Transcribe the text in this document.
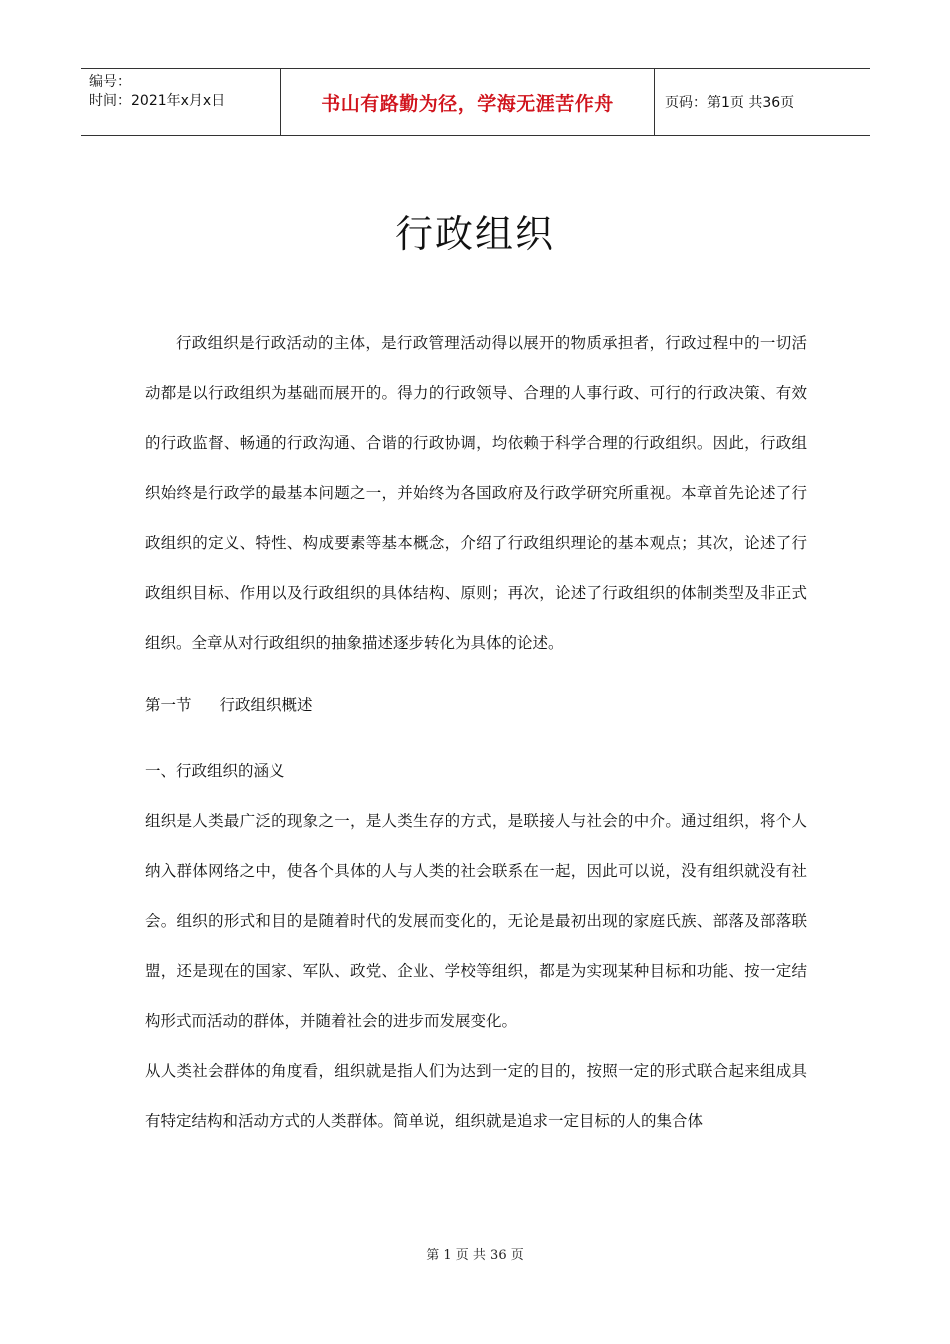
编号：
时间：2021年x月x日	书山有路勤为径，学海无涯苦作舟	页码：第1页 共36页
行政组织

行政组织是行政活动的主体，是行政管理活动得以展开的物质承担者，行政过程中的一切活动都是以行政组织为基础而展开的。得力的行政领导、合理的人事行政、可行的行政决策、有效的行政监督、畅通的行政沟通、合谐的行政协调，均依赖于科学合理的行政组织。因此，行政组织始终是行政学的最基本问题之一，并始终为各国政府及行政学研究所重视。本章首先论述了行政组织的定义、特性、构成要素等基本概念，介绍了行政组织理论的基本观点；其次，论述了行政组织目标、作用以及行政组织的具体结构、原则；再次，论述了行政组织的体制类型及非正式组织。全章从对行政组织的抽象描述逐步转化为具体的论述。

第一节 行政组织概述
一、行政组织的涵义

组织是人类最广泛的现象之一，是人类生存的方式，是联接人与社会的中介。通过组织，将个人纳入群体网络之中，使各个具体的人与人类的社会联系在一起，因此可以说，没有组织就没有社会。组织的形式和目的是随着时代的发展而变化的，无论是最初出现的家庭氏族、部落及部落联盟，还是现在的国家、军队、政党、企业、学校等组织，都是为实现某种目标和功能、按一定结构形式而活动的群体，并随着社会的进步而发展变化。

从人类社会群体的角度看，组织就是指人们为达到一定的目的，按照一定的形式联合起来组成具有特定结构和活动方式的人类群体。简单说，组织就是追求一定目标的人的集合体

第 1 页 共 36 页
